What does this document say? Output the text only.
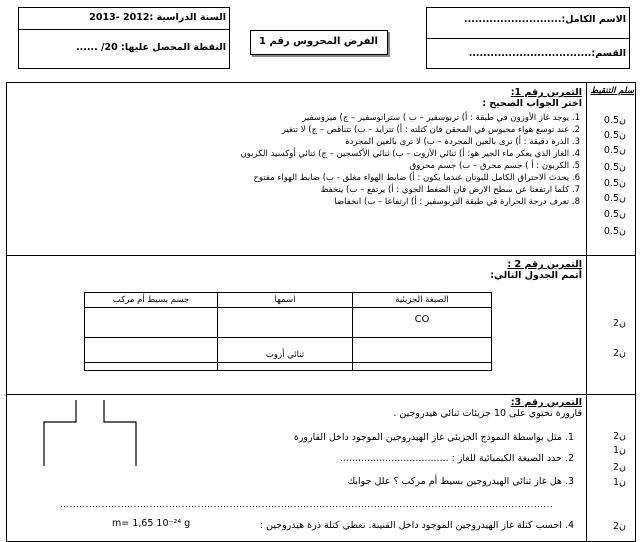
السنة الدراسية :2012 -2013
النقطة المحصل عليها: 20/ ......
الفرض المحروس رقم 1
الاسم الكامل:...........................
القسم:..................................
سلم التنقيط
التمرين رقم 1:
اختر الجواب الصحيح :
1. يوجد غاز الأوزون في طبقة : أ) تربوسفير – ب ) ستراتوسفير – ج) ميزوسفير
2. عند توسع هواء محبوس في المحقن فان كتلته : أ) تتزايد – ب) تتناقص – ج) لا تتغير
3. الذرة دقيقة : أ) ترى بالعين المجردة – ب) لا ترى بالعين المجردة
4. الغاز الذي يعكر ماء الجير هو: أ) ثنائي الأزوت – ب) ثنائي الأكسجين – ج) ثنائي أوكسيد الكربون
5. الكربون : أ ) جسم محرق – ب) جسم محروق
6. يحدث الاحتراق الكامل للبوتان عندما يكون : أ) ضابط الهواء مغلق - ب) ضابط الهواء مفتوح
7. كلما ارتفعنا عن سطح الارض فان الضغط الجوي : أ) يرتفع – ب) ينخفظ
8. تعرف درجة الحرارة في طبقة التربوسفير : أ) ارتفاعا – ب) انخفاضا
0.5ن
0.5ن
0.5ن
0.5ن
0.5ن
0.5ن
0.5ن
0.5ن
التمرين رقم 2 :
أتمم الجدول التالي:
جسم بسيط أم مركب	اسمها	الصيغة الجزيئية
		CO
	ثنائي أزوت	
2ن
2ن
التمرين رقم 3:
قارورة تحتوي على 10 جزيئات ثنائي هيدروجين .
1. مثل بواسطة النموذج الجزيئي غاز الهيدروجين الموجود داخل القارورة
2. حدد الصيغة الكيميائية للغاز : ....................................
3. هل غاز ثنائي الهيدروجين بسيط أم مركب ؟ علل جوابك
..........................................................................................................................................................
4. احسب كتلة غاز الهيدروجين الموجود داخل القنينة. نعطي كتلة ذرة هيدروجين :
m= 1,65 10⁻²⁴ g
2ن
1ن
2ن
1ن
2ن
